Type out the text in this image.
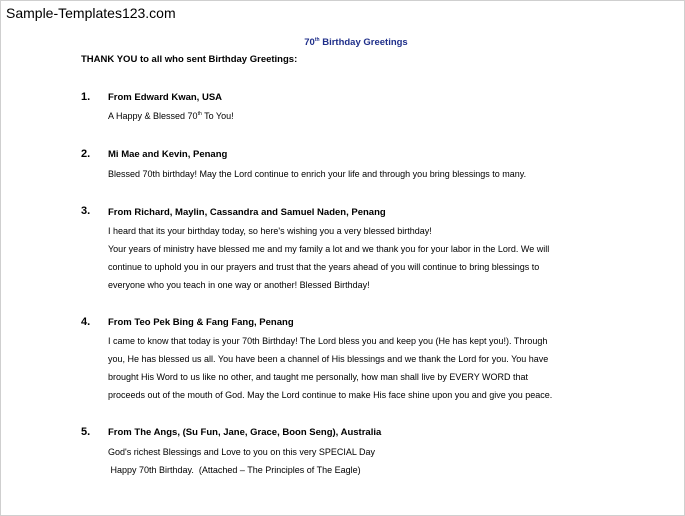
Sample-Templates123.com
70th Birthday Greetings
THANK YOU to all who sent Birthday Greetings:
1. From Edward Kwan, USA
A Happy & Blessed 70th To You!
2. Mi Mae and Kevin, Penang
Blessed 70th birthday! May the Lord continue to enrich your life and through you bring blessings to many.
3. From Richard, Maylin, Cassandra and Samuel Naden, Penang
I heard that its your birthday today, so here's wishing you a very blessed birthday!
Your years of ministry have blessed me and my family a lot and we thank you for your labor in the Lord. We will
continue to uphold you in our prayers and trust that the years ahead of you will continue to bring blessings to
everyone who you teach in one way or another! Blessed Birthday!
4. From Teo Pek Bing & Fang Fang, Penang
I came to know that today is your 70th Birthday! The Lord bless you and keep you (He has kept you!). Through
you, He has blessed us all. You have been a channel of His blessings and we thank the Lord for you. You have
brought His Word to us like no other, and taught me personally, how man shall live by EVERY WORD that
proceeds out of the mouth of God. May the Lord continue to make His face shine upon you and give you peace.
5. From The Angs, (Su Fun, Jane, Grace, Boon Seng), Australia
God's richest Blessings and Love to you on this very SPECIAL Day
Happy 70th Birthday.  (Attached – The Principles of The Eagle)
